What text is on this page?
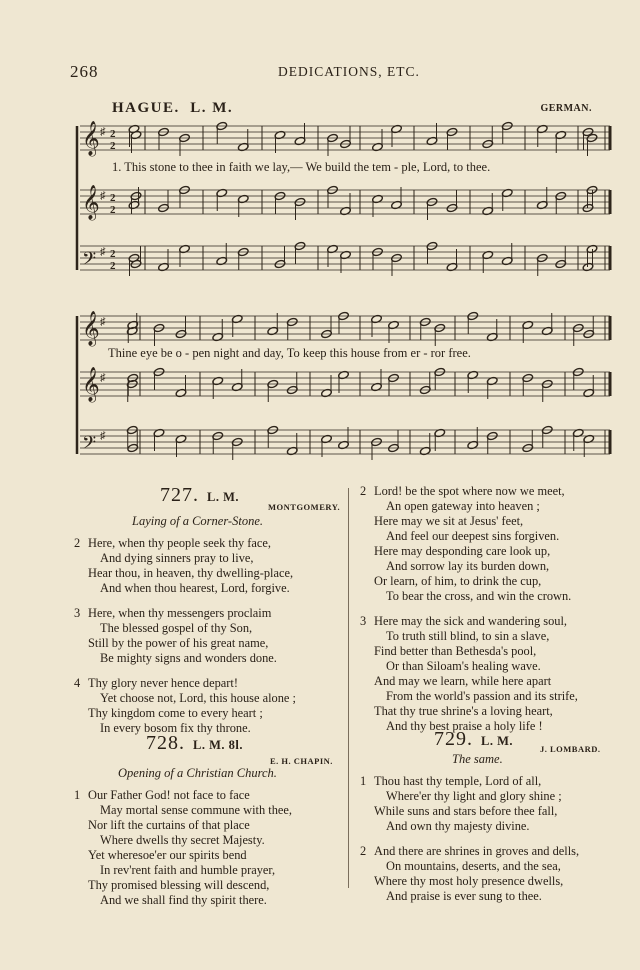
268	DEDICATIONS, ETC.
HAGUE. L. M.	GERMAN.
𝄞 ♯ 2
2
𝄞 ♯ 2
2
𝄢 ♯ 2
2
𝄞 ♯
𝄞 ♯
𝄢 ♯
1. This stone to thee in faith we lay,— We build the tem - ple, Lord, to thee.
Thine eye be o - pen night and day, To keep this house from er - ror free.
727. L. M.
MONTGOMERY.
Laying of a Corner-Stone.
2 Here, when thy people seek thy face,
And dying sinners pray to live,
Hear thou, in heaven, thy dwelling-place,
And when thou hearest, Lord, forgive.
3 Here, when thy messengers proclaim
The blessed gospel of thy Son,
Still by the power of his great name,
Be mighty signs and wonders done.
4 Thy glory never hence depart!
Yet choose not, Lord, this house alone ;
Thy kingdom come to every heart ;
In every bosom fix thy throne.
728. L. M. 8l.
E. H. CHAPIN.
Opening of a Christian Church.
1 Our Father God! not face to face
May mortal sense commune with thee,
Nor lift the curtains of that place
Where dwells thy secret Majesty.
Yet wheresoe'er our spirits bend
In rev'rent faith and humble prayer,
Thy promised blessing will descend,
And we shall find thy spirit there.
2 Lord! be the spot where now we meet,
An open gateway into heaven ;
Here may we sit at Jesus' feet,
And feel our deepest sins forgiven.
Here may desponding care look up,
And sorrow lay its burden down,
Or learn, of him, to drink the cup,
To bear the cross, and win the crown.
3 Here may the sick and wandering soul,
To truth still blind, to sin a slave,
Find better than Bethesda's pool,
Or than Siloam's healing wave.
And may we learn, while here apart
From the world's passion and its strife,
That thy true shrine's a loving heart,
And thy best praise a holy life !
729. L. M.
J. LOMBARD.
The same.
1 Thou hast thy temple, Lord of all,
Where'er thy light and glory shine ;
While suns and stars before thee fall,
And own thy majesty divine.
2 And there are shrines in groves and dells,
On mountains, deserts, and the sea,
Where thy most holy presence dwells,
And praise is ever sung to thee.
